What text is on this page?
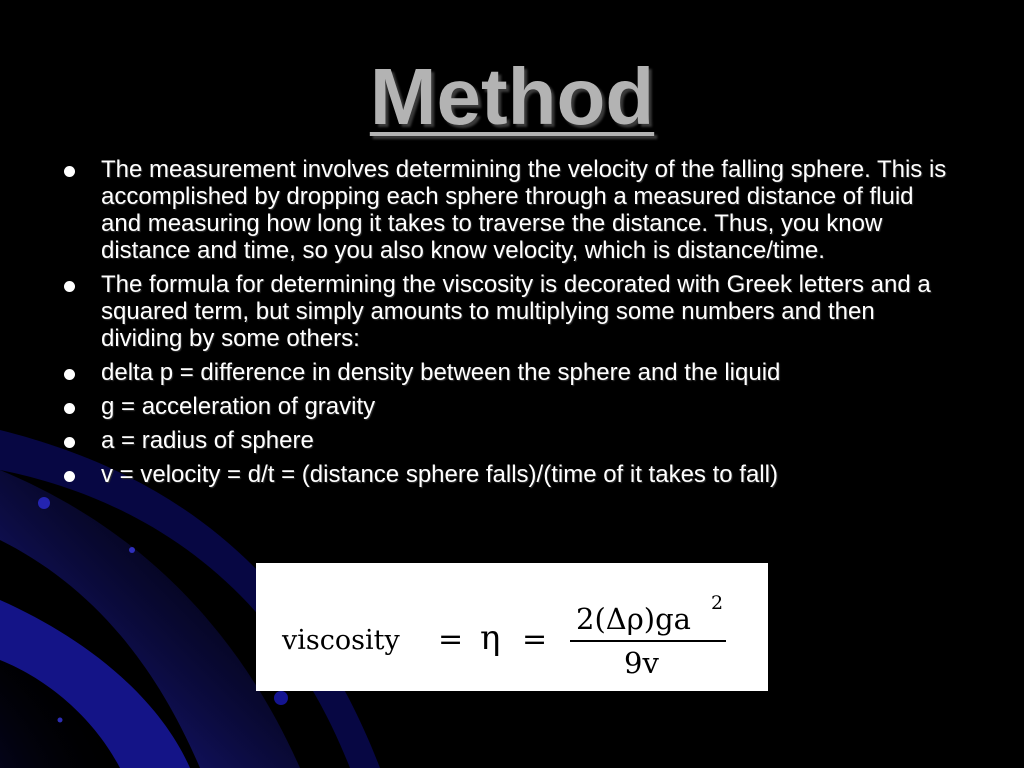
Method
The measurement involves determining the velocity of the falling sphere. This is accomplished by dropping each sphere through a measured distance of fluid and measuring how long it takes to traverse the distance. Thus, you know distance and time, so you also know velocity, which is distance/time.
The formula for determining the viscosity is decorated with Greek letters and a squared term, but simply amounts to multiplying some numbers and then dividing by some others:
delta p = difference in density between the sphere and the liquid
g = acceleration of gravity
a = radius of sphere
v = velocity = d/t = (distance sphere falls)/(time of it takes to fall)
viscosity = η =
2(Δρ)ga 2
9v
